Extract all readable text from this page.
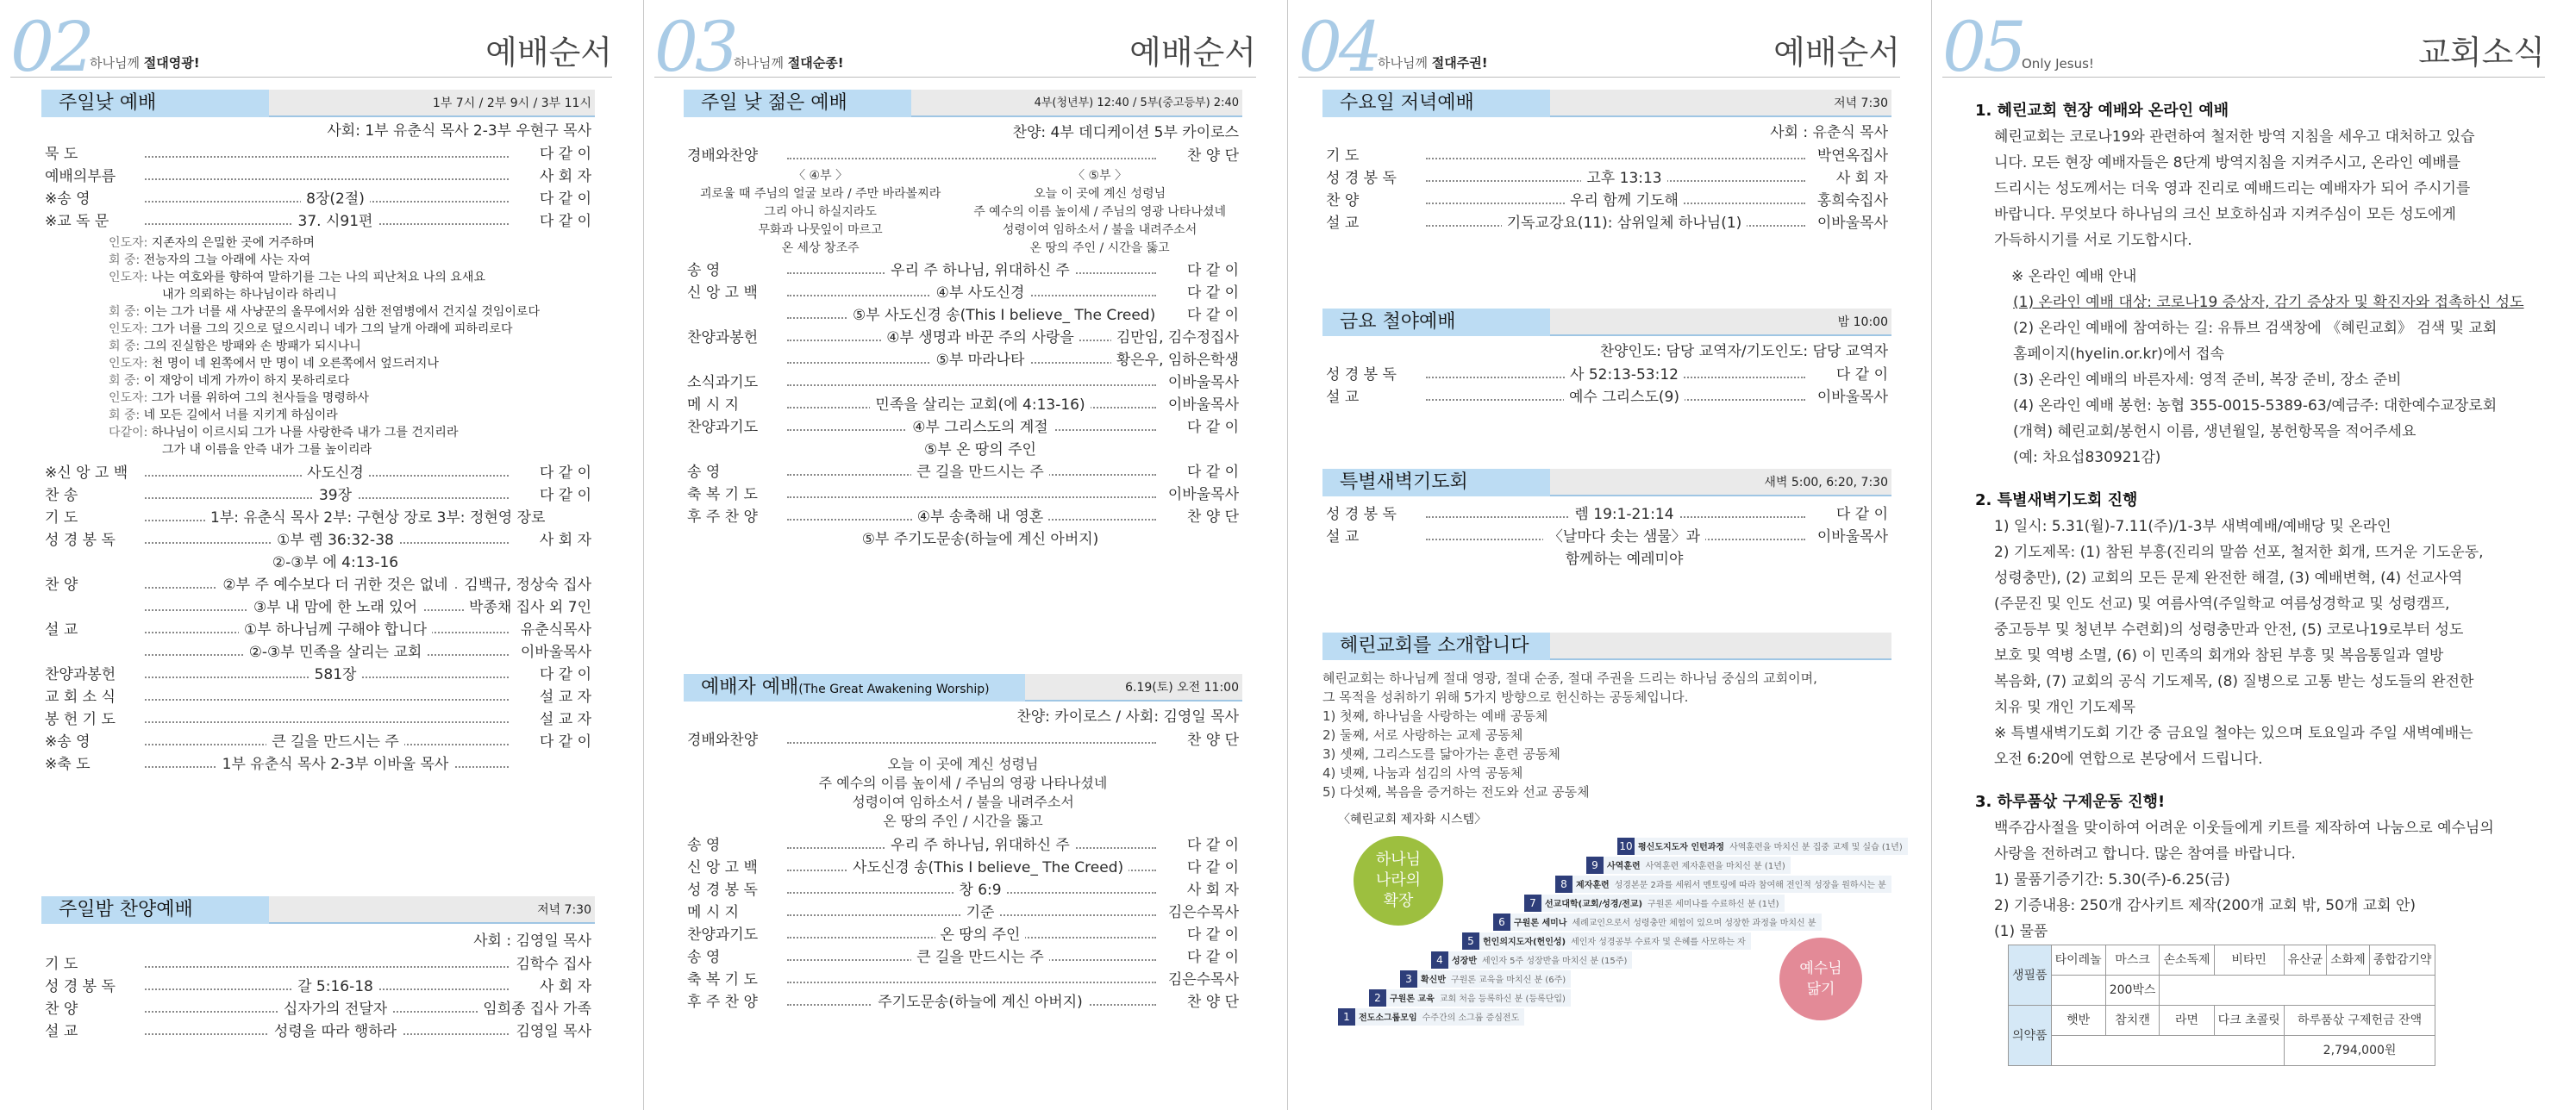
02
하나님께 절대영광!	예배순서
주일낮 예배	1부 7시 / 2부 9시 / 3부 11시
사회: 1부 유춘식 목사 2-3부 우현구 목사
묵 도	다 같 이
예배의부름	사 회 자
※송 영	8장(2절)	다 같 이
※교 독 문	37. 시91편	다 같 이
인도자: 지존자의 은밀한 곳에 거주하며
회 중: 전능자의 그늘 아래에 사는 자여
인도자: 나는 여호와를 향하여 말하기를 그는 나의 피난처요 나의 요새요
내가 의뢰하는 하나님이라 하리니
회 중: 이는 그가 너를 새 사냥꾼의 올무에서와 심한 전염병에서 건지실 것임이로다
인도자: 그가 너를 그의 깃으로 덮으시리니 네가 그의 날개 아래에 피하리로다
회 중: 그의 진실함은 방패와 손 방패가 되시나니
인도자: 천 명이 네 왼쪽에서 만 명이 네 오른쪽에서 엎드러지나
회 중: 이 재앙이 네게 가까이 하지 못하리로다
인도자: 그가 너를 위하여 그의 천사들을 명령하사
회 중: 네 모든 길에서 너를 지키게 하심이라
다같이: 하나님이 이르시되 그가 나를 사랑한즉 내가 그를 건지리라
그가 내 이름을 안즉 내가 그를 높이리라
※신 앙 고 백	사도신경	다 같 이
찬 송	39장	다 같 이
기 도	1부: 유춘식 목사 2부: 구현상 장로 3부: 정현영 장로
성 경 봉 독	①부 렘 36:32-38	사 회 자
②-③부 에 4:13-16
찬 양	②부 주 예수보다 더 귀한 것은 없네	김백규, 정상숙 집사
③부 내 맘에 한 노래 있어	박종채 집사 외 7인
설 교	①부 하나님께 구해야 합니다	유춘식목사
②-③부 민족을 살리는 교회	이바울목사
찬양과봉헌	581장	다 같 이
교 회 소 식	설 교 자
봉 헌 기 도	설 교 자
※송 영	큰 길을 만드시는 주	다 같 이
※축 도	1부 유춘식 목사 2-3부 이바울 목사
주일밤 찬양예배	저녁 7:30
사회 : 김영일 목사
기 도	김학수 집사
성 경 봉 독	갈 5:16-18	사 회 자
찬 양	십자가의 전달자	임희종 집사 가족
설 교	성령을 따라 행하라	김영일 목사
03
하나님께 절대순종!	예배순서
주일 낮 젊은 예배	4부(청년부) 12:40 / 5부(중고등부) 2:40
찬양: 4부 데디케이션 5부 카이로스
경배와찬양	찬 양 단
〈 ④부 〉
괴로울 때 주님의 얼굴 보라 / 주만 바라볼찌라
그리 아니 하실지라도
무화과 나뭇잎이 마르고
온 세상 창조주
〈 ⑤부 〉
오늘 이 곳에 계신 성령님
주 예수의 이름 높이세 / 주님의 영광 나타나셨네
성령이여 임하소서 / 불을 내려주소서
온 땅의 주인 / 시간을 뚫고
송 영	우리 주 하나님, 위대하신 주	다 같 이
신 앙 고 백	④부 사도신경	다 같 이
⑤부 사도신경 송(This I believe_ The Creed)	다 같 이
찬양과봉헌	④부 생명과 바꾼 주의 사랑을	김만임, 김수정집사
⑤부 마라나타	황은우, 임하은학생
소식과기도	이바울목사
메 시 지	민족을 살리는 교회(에 4:13-16)	이바울목사
찬양과기도	④부 그리스도의 계절	다 같 이
⑤부 온 땅의 주인
송 영	큰 길을 만드시는 주	다 같 이
축 복 기 도	이바울목사
후 주 찬 양	④부 송축해 내 영혼	찬 양 단
⑤부 주기도문송(하늘에 계신 아버지)
예배자 예배(The Great Awakening Worship)	6.19(토) 오전 11:00
찬양: 카이로스 / 사회: 김영일 목사
경배와찬양	찬 양 단
오늘 이 곳에 계신 성령님
주 예수의 이름 높이세 / 주님의 영광 나타나셨네
성령이여 임하소서 / 불을 내려주소서
온 땅의 주인 / 시간을 뚫고
송 영	우리 주 하나님, 위대하신 주	다 같 이
신 앙 고 백	사도신경 송(This I believe_ The Creed)	다 같 이
성 경 봉 독	창 6:9	사 회 자
메 시 지	기준	김은수목사
찬양과기도	온 땅의 주인	다 같 이
송 영	큰 길을 만드시는 주	다 같 이
축 복 기 도	김은수목사
후 주 찬 양	주기도문송(하늘에 계신 아버지)	찬 양 단
04
하나님께 절대주권!	예배순서
수요일 저녁예배	저녁 7:30
사회 : 유춘식 목사
기 도	박연옥집사
성 경 봉 독	고후 13:13	사 회 자
찬 양	우리 함께 기도해	홍희숙집사
설 교	기독교강요(11): 삼위일체 하나님(1)	이바울목사
금요 철야예배	밤 10:00
찬양인도: 담당 교역자/기도인도: 담당 교역자
성 경 봉 독	사 52:13-53:12	다 같 이
설 교	예수 그리스도(9)	이바울목사
특별새벽기도회	새벽 5:00, 6:20, 7:30
성 경 봉 독	렘 19:1-21:14	다 같 이
설 교	〈날마다 솟는 샘물〉과	이바울목사
함께하는 예레미야
혜린교회를 소개합니다
혜린교회는 하나님께 절대 영광, 절대 순종, 절대 주권을 드리는 하나님 중심의 교회이며,
그 목적을 성취하기 위해 5가지 방향으로 헌신하는 공동체입니다.
1) 첫째, 하나님을 사랑하는 예배 공동체
2) 둘째, 서로 사랑하는 교제 공동체
3) 셋째, 그리스도를 닮아가는 훈련 공동체
4) 넷째, 나눔과 섬김의 사역 공동체
5) 다섯째, 복음을 증거하는 전도와 선교 공동체
〈혜린교회 제자화 시스템〉
하나님
나라의
확장
예수님
닮기
1 전도소그룹모임 수주간의 소그룹 증심전도
2 구원론 교육 교회 처음 등록하신 분 (등록단입)
3 확신반 구원론 교육을 마치신 분 (6주)
4 성장반 세인자 5주 성장반을 마치신 분 (15주)
5 헌인의지도자(헌인성) 세인자 성경공부 수료자 및 은혜를 사모하는 자
6 구원론 세미나 세례교인으로서 성령충만 체험이 있으며 성장한 과정을 마치신 분
7 선교대학(교회/성경/전교) 구원론 세미나를 수료하신 분 (1년)
8 제자훈련 성경본문 2과를 세워서 멘토링에 따라 참여해 전인적 성장을 원하시는 분
9 사역훈련 사역훈련 제자훈련을 마치신 분 (1년)
10 평신도지도자 인턴과정 사역훈련을 마치신 분 집중 교제 및 실습 (1년)
05
Only Jesus!	교회소식
1. 혜린교회 현장 예배와 온라인 예배
혜린교회는 코로나19와 관련하여 철저한 방역 지침을 세우고 대처하고 있습
니다. 모든 현장 예배자들은 8단계 방역지침을 지켜주시고, 온라인 예배를
드리시는 성도께서는 더욱 영과 진리로 예배드리는 예배자가 되어 주시기를
바랍니다. 무엇보다 하나님의 크신 보호하심과 지켜주심이 모든 성도에게
가득하시기를 서로 기도합시다.
※ 온라인 예배 안내
(1) 온라인 예배 대상: 코로나19 증상자, 감기 증상자 및 확진자와 접촉하신 성도
(2) 온라인 예배에 참여하는 길: 유튜브 검색창에 《혜린교회》 검색 및 교회
홈페이지(hyelin.or.kr)에서 접속
(3) 온라인 예배의 바른자세: 영적 준비, 복장 준비, 장소 준비
(4) 온라인 예배 봉헌: 농협 355-0015-5389-63/예금주: 대한예수교장로회
(개혁) 혜린교회/봉헌시 이름, 생년월일, 봉헌항목을 적어주세요
(예: 차요섭830921감)
2. 특별새벽기도회 진행
1) 일시: 5.31(월)-7.11(주)/1-3부 새벽예배/예배당 및 온라인
2) 기도제목: (1) 참된 부흥(진리의 말씀 선포, 철저한 회개, 뜨거운 기도운동,
성령충만), (2) 교회의 모든 문제 완전한 해결, (3) 예배변혁, (4) 선교사역
(주문진 및 인도 선교) 및 여름사역(주일학교 여름성경학교 및 성령캠프,
중고등부 및 청년부 수련회)의 성령충만과 안전, (5) 코로나19로부터 성도
보호 및 역병 소멸, (6) 이 민족의 회개와 참된 부흥 및 복음통일과 열방
복음화, (7) 교회의 공식 기도제목, (8) 질병으로 고통 받는 성도들의 완전한
치유 및 개인 기도제목
※ 특별새벽기도회 기간 중 금요일 철야는 있으며 토요일과 주일 새벽예배는
오전 6:20에 연합으로 본당에서 드립니다.
3. 하루품삯 구제운동 진행!
백주감사절을 맞이하여 어려운 이웃들에게 키트를 제작하여 나눔으로 예수님의
사랑을 전하려고 합니다. 많은 참여를 바랍니다.
1) 물품기증기간: 5.30(주)-6.25(금)
2) 기증내용: 250개 감사키트 제작(200개 교회 밖, 50개 교회 안)
(1) 물품
생필품	타이레놀	마스크	손소독제	비타민	유산균	소화제	종합감기약
		200박스					
의약품	햇반	참치캔	라면	다크 초콜릿	하루품삯 구제헌금 잔액		
					2,794,000원		
